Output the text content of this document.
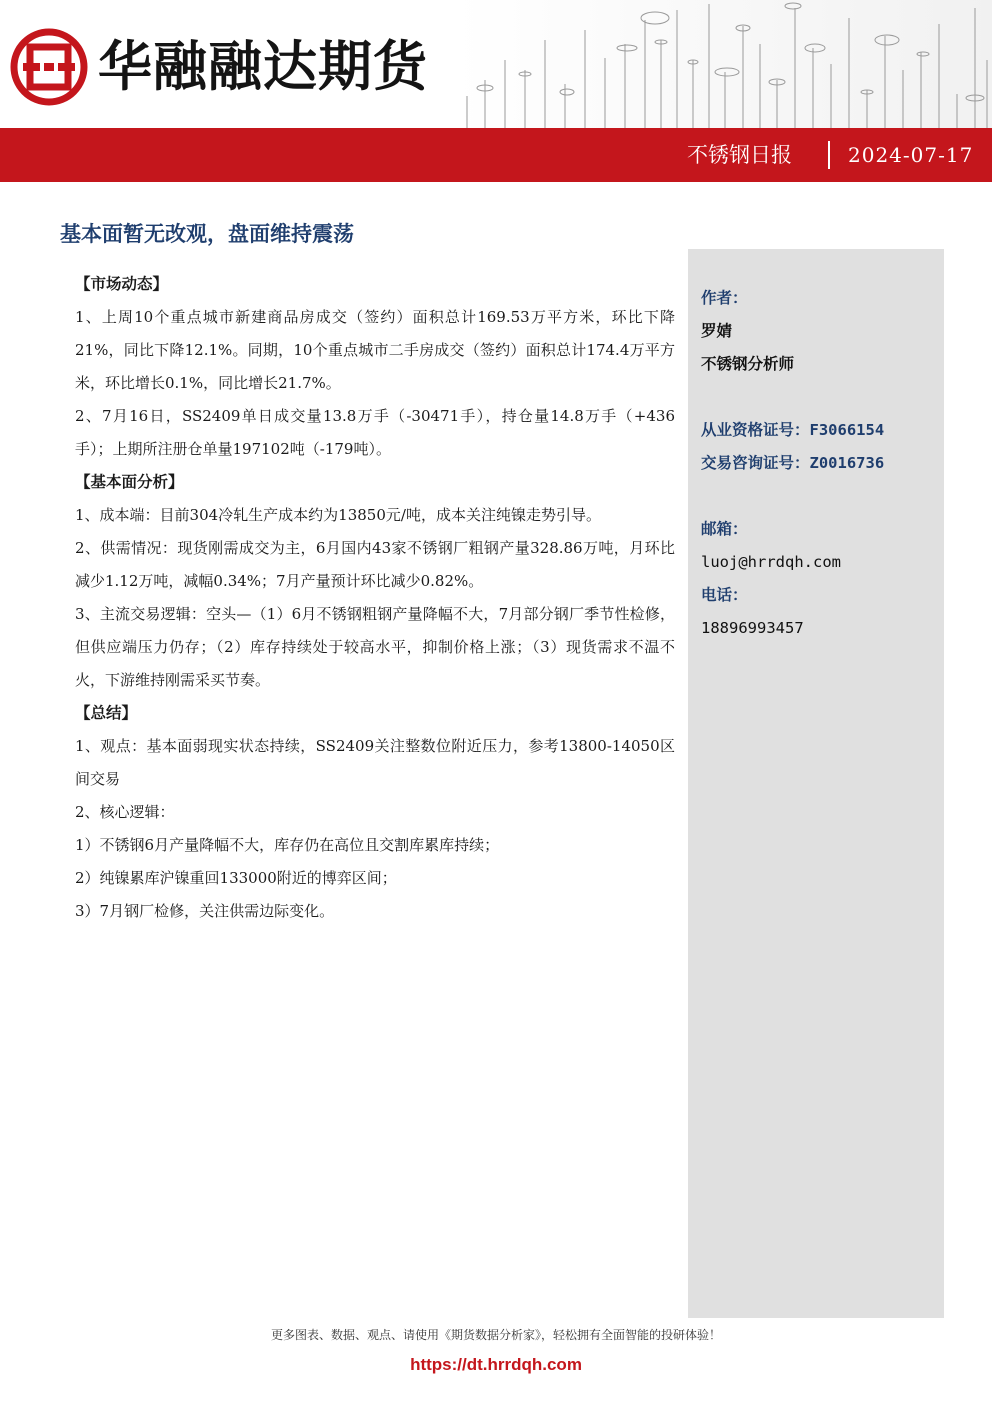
华融融达期货
不锈钢日报	2024-07-17
基本面暂无改观，盘面维持震荡
【市场动态】

1、上周10个重点城市新建商品房成交（签约）面积总计169.53万平方米，环比下降21%，同比下降12.1%。同期，10个重点城市二手房成交（签约）面积总计174.4万平方米，环比增长0.1%，同比增长21.7%。

2、7月16日，SS2409单日成交量13.8万手（-30471手），持仓量14.8万手（+436手）；上期所注册仓单量197102吨（-179吨）。

【基本面分析】

1、成本端：目前304冷轧生产成本约为13850元/吨，成本关注纯镍走势引导。

2、供需情况：现货刚需成交为主，6月国内43家不锈钢厂粗钢产量328.86万吨，月环比减少1.12万吨，减幅0.34%；7月产量预计环比减少0.82%。

3、主流交易逻辑：空头—（1）6月不锈钢粗钢产量降幅不大，7月部分钢厂季节性检修，但供应端压力仍存；（2）库存持续处于较高水平，抑制价格上涨；（3）现货需求不温不火，下游维持刚需采买节奏。

【总结】

1、观点：基本面弱现实状态持续，SS2409关注整数位附近压力，参考13800-14050区间交易

2、核心逻辑：

1）不锈钢6月产量降幅不大，库存仍在高位且交割库累库持续；

2）纯镍累库沪镍重回133000附近的博弈区间；

3）7月钢厂检修，关注供需边际变化。

作者：
罗婧
不锈钢分析师
从业资格证号：F3066154
交易咨询证号：Z0016736
邮箱：
luoj@hrrdqh.com
电话：
18896993457
更多图表、数据、观点、请使用《期货数据分析家》，轻松拥有全面智能的投研体验！
https://dt.hrrdqh.com
